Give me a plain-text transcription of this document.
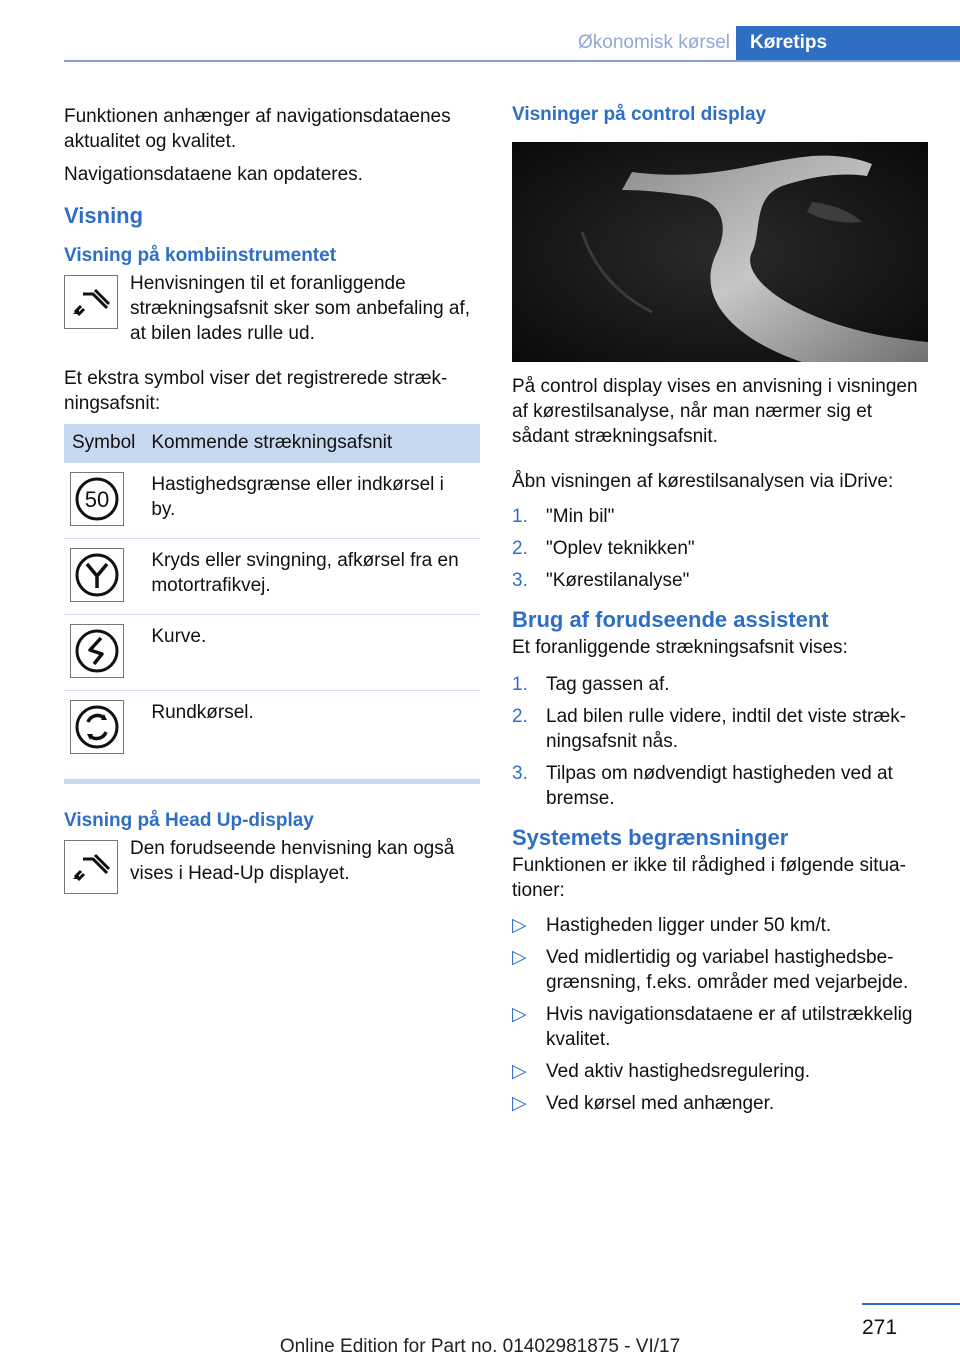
Økonomisk kørsel	Køretips

Funktionen anhænger af navigationsdataenes aktualitet og kvalitet.

Navigationsdataene kan opdateres.

Visning
Visning på kombiinstrumentet

Henvisningen til et foranliggende strækningsafsnit sker som anbefaling af, at bilen lades rulle ud.

Et ekstra symbol viser det registrerede strækningsafsnit:

Symbol	Kommende strækningsafsnit

50	Hastighedsgrænse eller indkørsel i by.

	Kryds eller svingning, afkørsel fra en motortrafikvej.

	Kurve.

	Rundkørsel.
Visning på Head Up-display

Den forudseende henvisning kan også vises i Head-Up displayet.

Visninger på control display

På control display vises en anvisning i visningen af kørestilsanalyse, når man nærmer sig et sådant strækningsafsnit.

Åbn visningen af kørestilsanalysen via iDrive:

1. "Min bil"
2. "Oplev teknikken"
3. "Kørestilanalyse"
Brug af forudseende assistent

Et foranliggende strækningsafsnit vises:

1. Tag gassen af.
2. Lad bilen rulle videre, indtil det viste strækningsafsnit nås.
3. Tilpas om nødvendigt hastigheden ved at bremse.
Systemets begrænsninger

Funktionen er ikke til rådighed i følgende situationer:

▷	Hastigheden ligger under 50 km/t.
▷	Ved midlertidig og variabel hastighedsbegrænsning, f.eks. områder med vejarbejde.
▷	Hvis navigationsdataene er af utilstrækkelig kvalitet.
▷	Ved aktiv hastighedsregulering.
▷	Ved kørsel med anhænger.
271
Online Edition for Part no. 01402981875 - VI/17
